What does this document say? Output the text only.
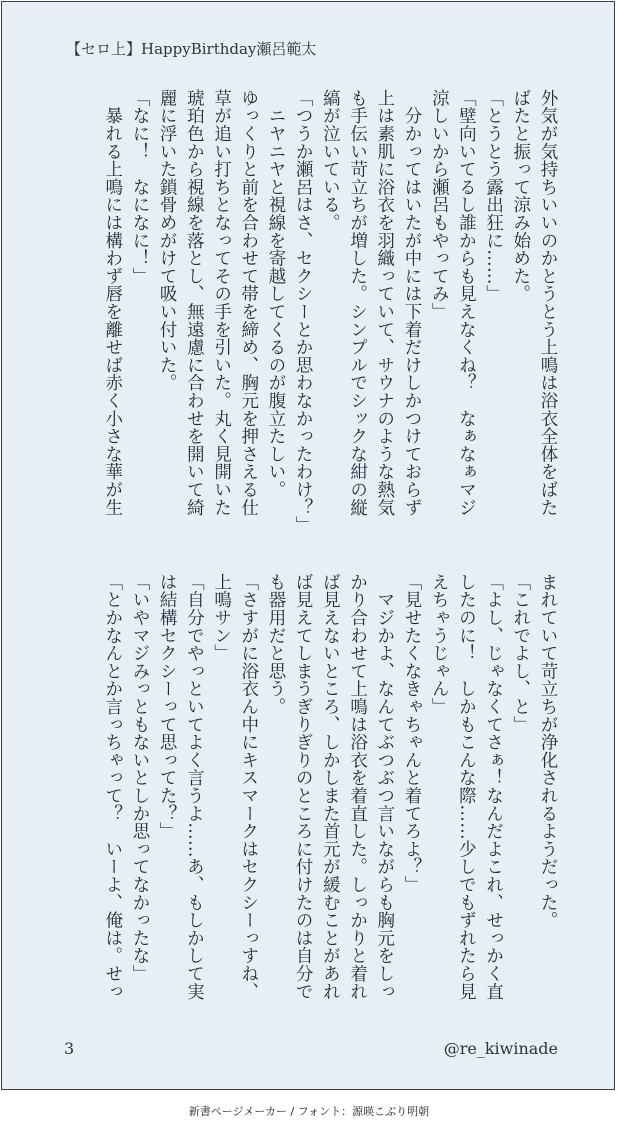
【セロ上】HappyBirthday瀬呂範太
外気が気持ちいいのかとうとう上鳴は浴衣全体をばた
ばたと振って涼み始めた。
「とうとう露出狂に……」
「壁向いてるし誰からも見えなくね？　なぁなぁマジ
涼しいから瀬呂もやってみ」
　分かってはいたが中には下着だけしかつけておらず
上は素肌に浴衣を羽織っていて、サウナのような熱気
も手伝い苛立ちが増した。シンプルでシックな紺の縦
縞が泣いている。
「つうか瀬呂はさ、セクシーとか思わなかったわけ？」
　ニヤニヤと視線を寄越してくるのが腹立たしい。
ゆっくりと前を合わせて帯を締め、胸元を押さえる仕
草が追い打ちとなってその手を引いた。丸く見開いた
琥珀色から視線を落とし、無遠慮に合わせを開いて綺
麗に浮いた鎖骨めがけて吸い付いた。
「なに！　なになに！」
　暴れる上鳴には構わず唇を離せば赤く小さな華が生
まれていて苛立ちが浄化されるようだった。
「これでよし、と」
「よし、じゃなくてさぁ！なんだよこれ、せっかく直
したのに！　しかもこんな際……少しでもずれたら見
えちゃうじゃん」
「見せたくなきゃちゃんと着てろよ？」
　マジかよ、なんてぶつぶつ言いながらも胸元をしっ
かり合わせて上鳴は浴衣を着直した。しっかりと着れ
ば見えないところ、しかしまた首元が緩むことがあれ
ば見えてしまうぎりぎりのところに付けたのは自分で
も器用だと思う。
「さすがに浴衣ん中にキスマークはセクシーっすね、
上鳴サン」
「自分でやっといてよく言うよ……あ、もしかして実
は結構セクシーって思ってた？」
「いやマジみっともないとしか思ってなかったな」
「とかなんとか言っちゃって？　いーよ、俺は。せっ
3	@re_kiwinade
新書ページメーカー / フォント：源暎こぶり明朝
